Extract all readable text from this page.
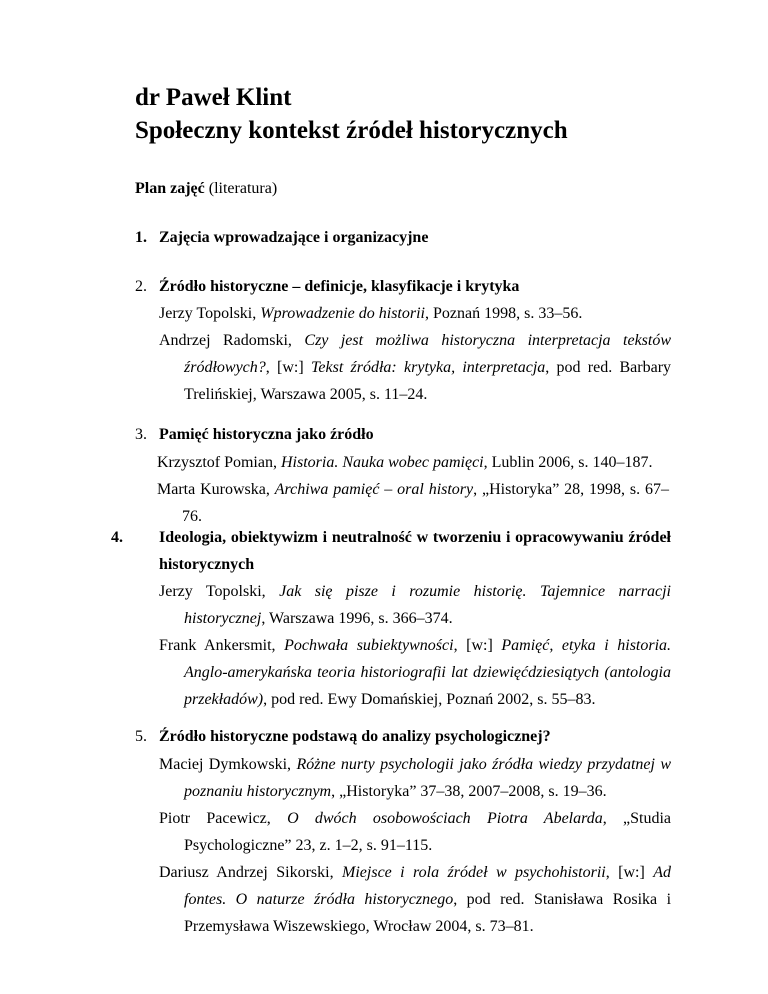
dr Paweł Klint
Społeczny kontekst źródeł historycznych
Plan zajęć (literatura)
1. Zajęcia wprowadzające i organizacyjne
2. Źródło historyczne – definicje, klasyfikacje i krytyka
Jerzy Topolski, Wprowadzenie do historii, Poznań 1998, s. 33–56.
Andrzej Radomski, Czy jest możliwa historyczna interpretacja tekstów źródłowych?, [w:] Tekst źródła: krytyka, interpretacja, pod red. Barbary Trelińskiej, Warszawa 2005, s. 11–24.
3. Pamięć historyczna jako źródło
Krzysztof Pomian, Historia. Nauka wobec pamięci, Lublin 2006, s. 140–187.
Marta Kurowska, Archiwa pamięć – oral history, „Historyka” 28, 1998, s. 67–76.
4. Ideologia, obiektywizm i neutralność w tworzeniu i opracowywaniu źródeł historycznych
Jerzy Topolski, Jak się pisze i rozumie historię. Tajemnice narracji historycznej, Warszawa 1996, s. 366–374.
Frank Ankersmit, Pochwała subiektywności, [w:] Pamięć, etyka i historia. Anglo-amerykańska teoria historiografii lat dziewięćdziesiątych (antologia przekładów), pod red. Ewy Domańskiej, Poznań 2002, s. 55–83.
5. Źródło historyczne podstawą do analizy psychologicznej?
Maciej Dymkowski, Różne nurty psychologii jako źródła wiedzy przydatnej w poznaniu historycznym, „Historyka” 37–38, 2007–2008, s. 19–36.
Piotr Pacewicz, O dwóch osobowościach Piotra Abelarda, „Studia Psychologiczne” 23, z. 1–2, s. 91–115.
Dariusz Andrzej Sikorski, Miejsce i rola źródeł w psychohistorii, [w:] Ad fontes. O naturze źródła historycznego, pod red. Stanisława Rosika i Przemysława Wiszewskiego, Wrocław 2004, s. 73–81.
